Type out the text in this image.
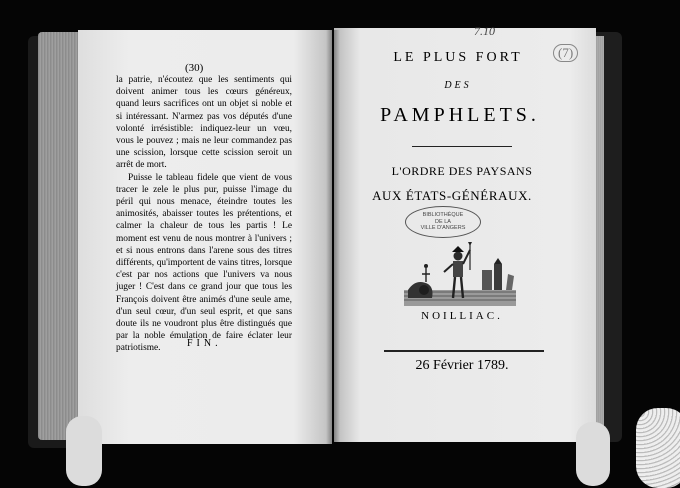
(30)

la patrie, n'écoutez que les sentiments qui doivent animer tous les cœurs généreux, quand leurs sacrifices ont un objet si noble et si intéressant. N'armez pas vos députés d'une volonté irrésistible: indiquez-leur un vœu, vous le pouvez ; mais ne leur commandez pas une scission, lorsque cette scission seroit un arrêt de mort.

Puisse le tableau fidele que vient de vous tracer le zele le plus pur, puisse l'image du péril qui nous menace, éteindre toutes les animosités, abaisser toutes les prétentions, et calmer la chaleur de tous les partis ! Le moment est venu de nous montrer à l'univers ; et si nous entrons dans l'arene sous des titres différents, qu'importent de vains titres, lorsque c'est par nos actions que l'univers va nous juger ! C'est dans ce grand jour que tous les François doivent être animés d'une seule ame, d'un seul cœur, d'un seul esprit, et que sans doute ils ne voudront plus être distingués que par la noble émulation de faire éclater leur patriotisme.	FIN.
7.10
(7)
LE PLUS FORT
DES
PAMPHLETS.
L'ORDRE DES PAYSANS
AUX ÉTATS-GÉNÉRAUX.
BIBLIOTHÈQUE
DE LA
VILLE D'ANGERS
NOILLIAC.
26 Février 1789.
